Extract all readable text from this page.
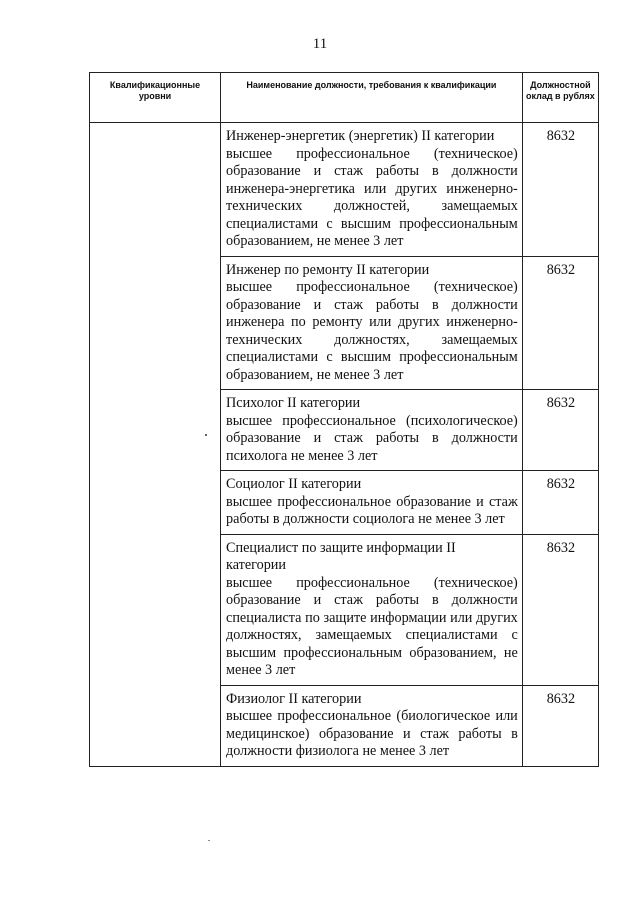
11
Квалификационные уровни	Наименование должности, требования к квалификации	Должностной оклад в рублях

	Инженер-энергетик (энергетик) II категории
высшее профессиональное (техническое) образование и стаж работы в должности инженера-энергетика или других инженерно-технических должностей, замещаемых специалистами с высшим профессиональным образованием, не менее 3 лет	8632

	Инженер по ремонту II категории
высшее профессиональное (техническое) образование и стаж работы в должности инженера по ремонту или других инженерно-технических должностях, замещаемых специалистами с высшим профессиональным образованием, не менее 3 лет	8632

	Психолог II категории
высшее профессиональное (психологическое) образование и стаж работы в должности психолога не менее 3 лет	8632

	Социолог II категории
высшее профессиональное образование и стаж работы в должности социолога не менее 3 лет	8632

	Специалист по защите информации II категории
высшее профессиональное (техническое) образование и стаж работы в должности специалиста по защите информации или других должностях, замещаемых специалистами с высшим профессиональным образованием, не менее 3 лет	8632

	Физиолог II категории
высшее профессиональное (биологическое или медицинское) образование и стаж работы в должности физиолога не менее 3 лет	8632
